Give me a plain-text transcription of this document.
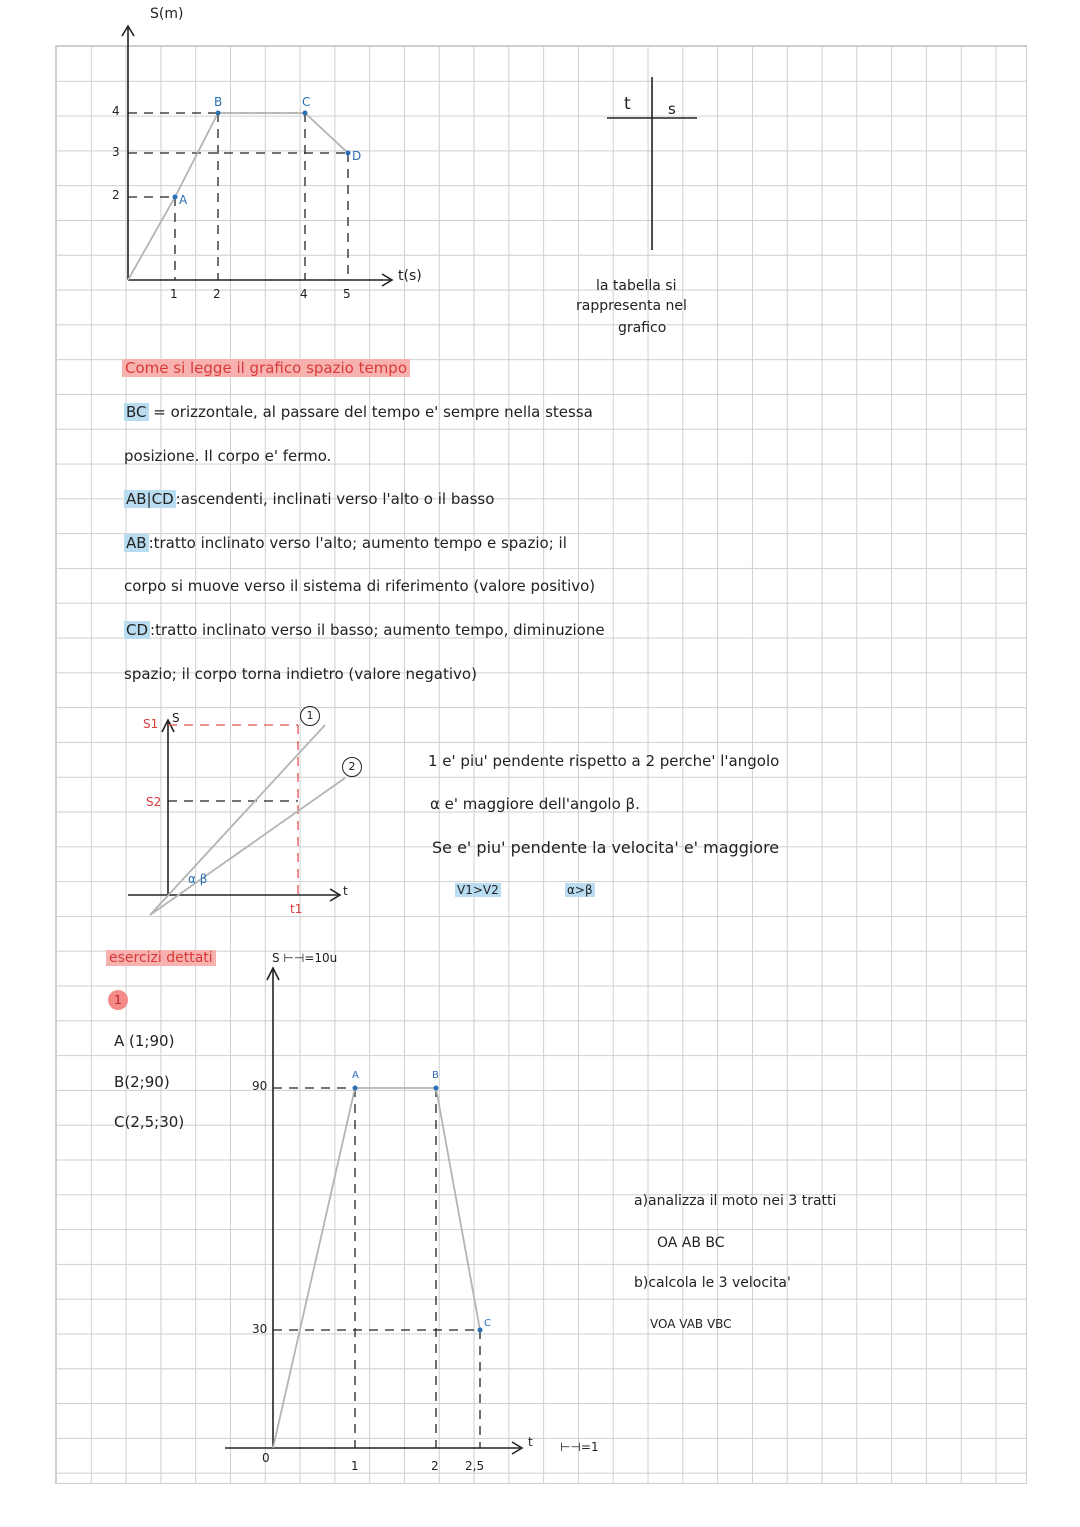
S(m)
t(s)
4
3
2
1	2	4	5
A
B	C
D
t s
la tabella si
rappresenta nel
grafico
Come si legge il grafico spazio tempo
BC = orizzontale, al passare del tempo e' sempre nella stessa
posizione. Il corpo e' fermo.
AB|CD :ascendenti, inclinati verso l'alto o il basso
AB :tratto inclinato verso l'alto; aumento tempo e spazio; il
corpo si muove verso il sistema di riferimento (valore positivo)
CD :tratto inclinato verso il basso; aumento tempo, diminuzione
spazio; il corpo torna indietro (valore negativo)
S
S1
S2
t1
t
α β
1
2	1 e' piu' pendente rispetto a 2 perche' l'angolo
α e' maggiore dell'angolo β.
Se e' piu' pendente la velocita' e' maggiore
V1>V2	α>β
esercizi dettati	S ⊢⊣=10u
1
A (1;90)
B(2;90)
C(2,5;30)
90
30
0
1	2 2,5
t ⊢⊣=1
A	B
C
a)analizza il moto nei 3 tratti
OA AB BC
b)calcola le 3 velocita'
VOA VAB VBC
